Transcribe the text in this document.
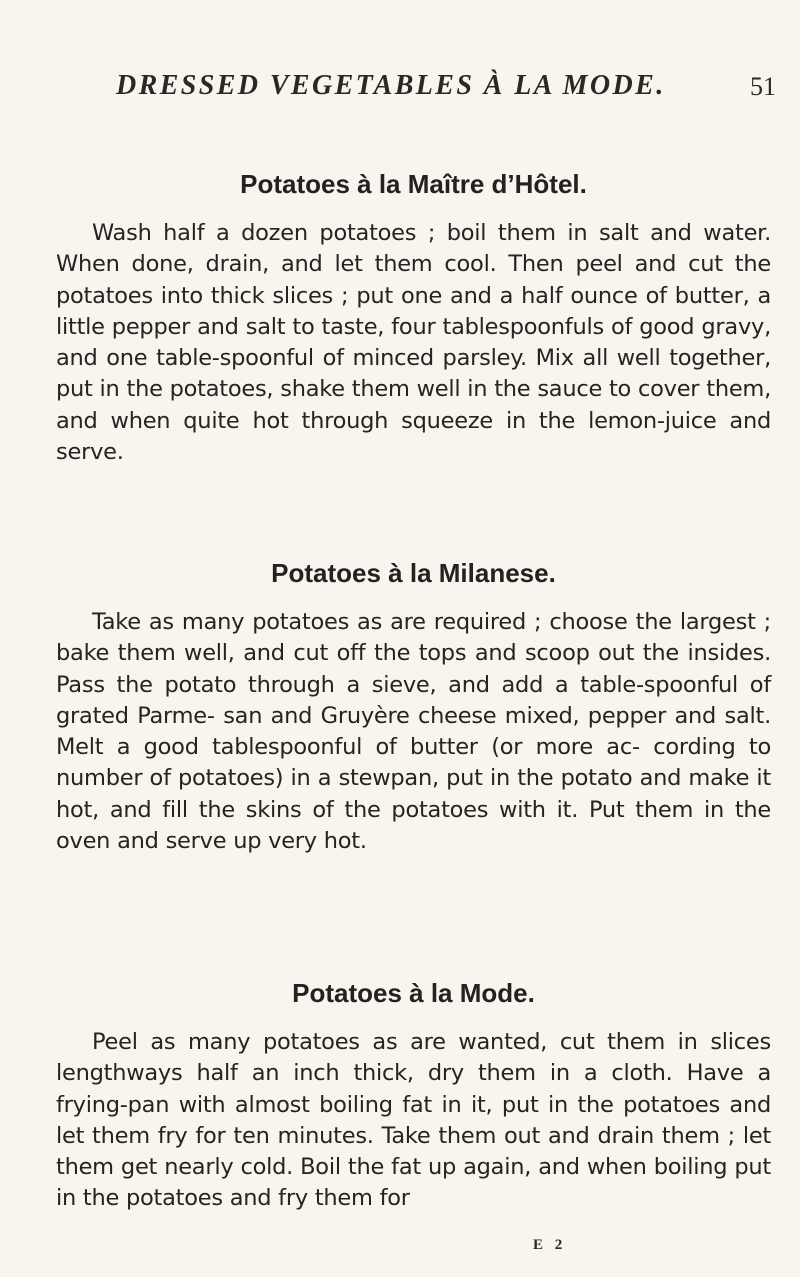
DRESSED VEGETABLES À LA MODE.	51
Potatoes à la Maître d’Hôtel.

Wash half a dozen potatoes ; boil them in salt and water. When done, drain, and let them cool. Then peel and cut the potatoes into thick slices ; put one and a half ounce of butter, a little pepper and salt to taste, four tablespoonfuls of good gravy, and one table-spoonful of minced parsley. Mix all well together, put in the potatoes, shake them well in the sauce to cover them, and when quite hot through squeeze in the lemon-juice and serve.

Potatoes à la Milanese.

Take as many potatoes as are required ; choose the largest ; bake them well, and cut off the tops and scoop out the insides. Pass the potato through a sieve, and add a table-spoonful of grated Parme- san and Gruyère cheese mixed, pepper and salt. Melt a good tablespoonful of butter (or more ac- cording to number of potatoes) in a stewpan, put in the potato and make it hot, and fill the skins of the potatoes with it. Put them in the oven and serve up very hot.

Potatoes à la Mode.

Peel as many potatoes as are wanted, cut them in slices lengthways half an inch thick, dry them in a cloth. Have a frying-pan with almost boiling fat in it, put in the potatoes and let them fry for ten minutes. Take them out and drain them ; let them get nearly cold. Boil the fat up again, and when boiling put in the potatoes and fry them for

E 2
